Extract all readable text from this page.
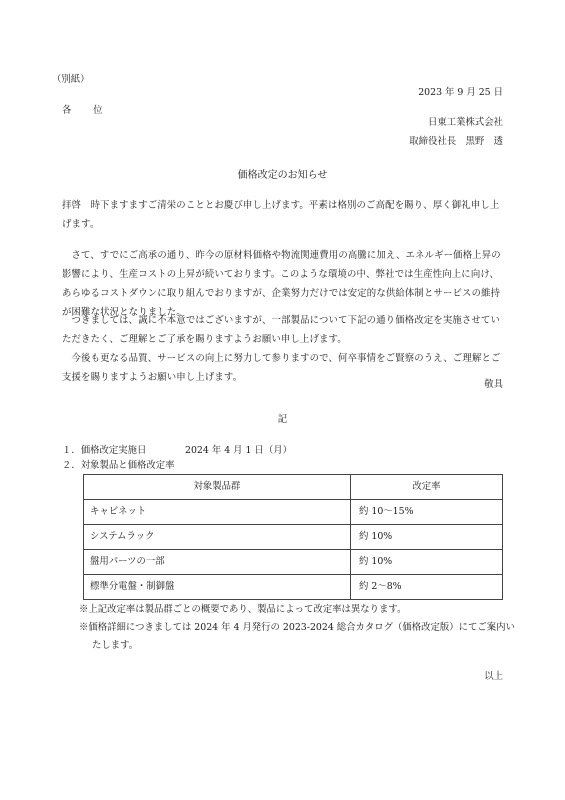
（別紙）
2023 年 9 月 25 日
各　　位
日東工業株式会社
取締役社長　黒野　透
価格改定のお知らせ
拝啓　時下ますますご清栄のこととお慶び申し上げます。平素は格別のご高配を賜り、厚く御礼申し上げます。
　さて、すでにご高承の通り、昨今の原材料価格や物流関連費用の高騰に加え、エネルギー価格上昇の影響により、生産コストの上昇が続いております。このような環境の中、弊社では生産性向上に向け、あらゆるコストダウンに取り組んでおりますが、企業努力だけでは安定的な供給体制とサービスの維持が困難な状況となりました。
　つきましては、誠に不本意ではございますが、一部製品について下記の通り価格改定を実施させていただきたく、ご理解とご了承を賜りますようお願い申し上げます。
　今後も更なる品質、サービスの向上に努力して参りますので、何卒事情をご賢察のうえ、ご理解とご支援を賜りますようお願い申し上げます。
敬具
記
１．価格改定実施日	2024 年 4 月 1 日（月）
２．対象製品と価格改定率
対象製品群	改定率
キャビネット	約 10～15%
システムラック	約 10%
盤用パーツの一部	約 10%
標準分電盤・制御盤	約 2～8%
※上記改定率は製品群ごとの概要であり、製品によって改定率は異なります。
※価格詳細につきましては 2024 年 4 月発行の 2023-2024 総合カタログ（価格改定版）にてご案内い
たします。
以上
